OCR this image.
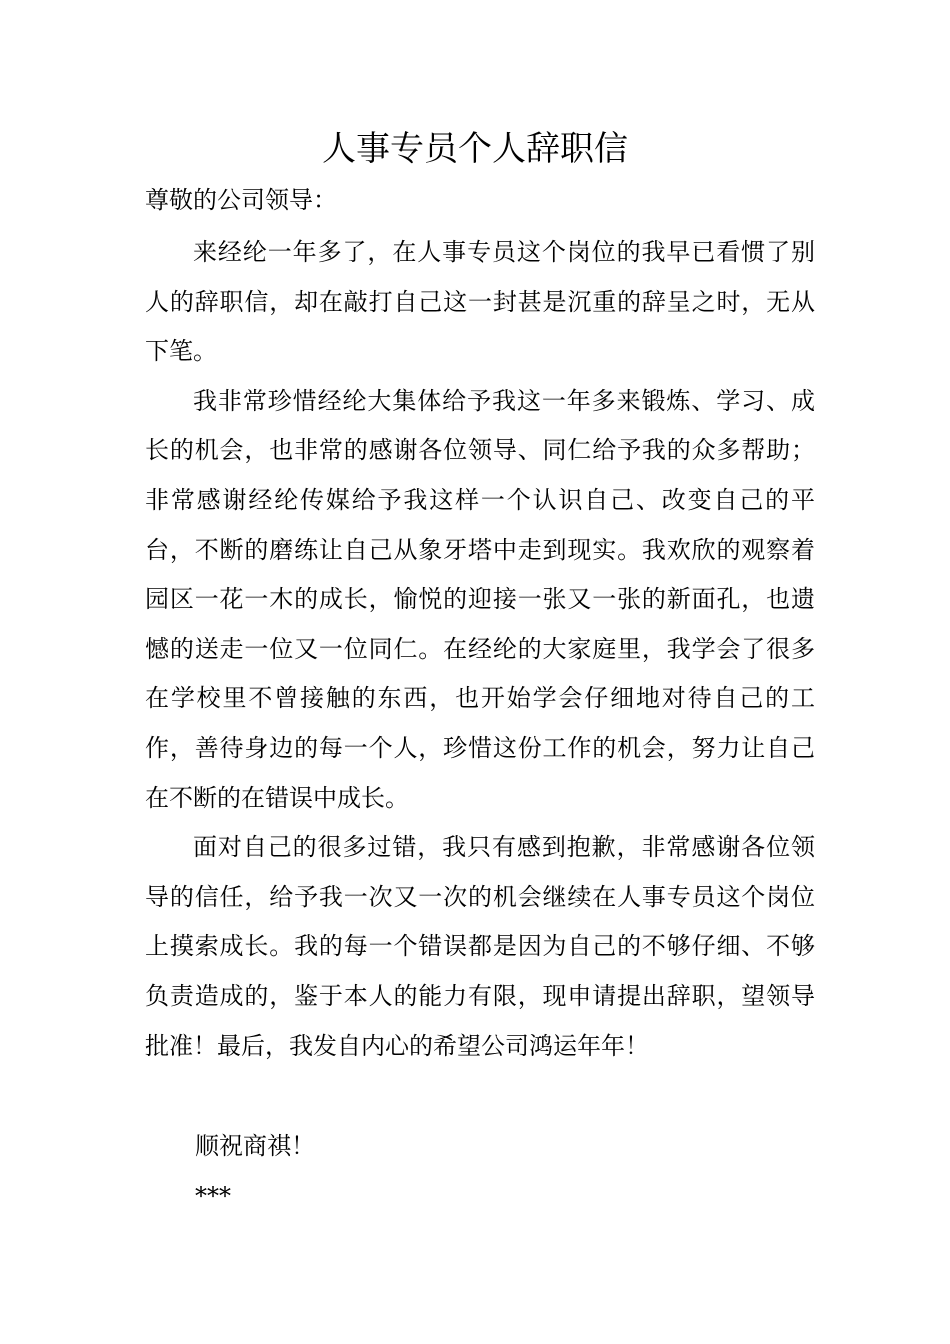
人事专员个人辞职信

尊敬的公司领导：

来经纶一年多了，在人事专员这个岗位的我早已看惯了别人的辞职信，却在敲打自己这一封甚是沉重的辞呈之时，无从下笔。

我非常珍惜经纶大集体给予我这一年多来锻炼、学习、成长的机会，也非常的感谢各位领导、同仁给予我的众多帮助；非常感谢经纶传媒给予我这样一个认识自己、改变自己的平台，不断的磨练让自己从象牙塔中走到现实。我欢欣的观察着园区一花一木的成长，愉悦的迎接一张又一张的新面孔，也遗憾的送走一位又一位同仁。在经纶的大家庭里，我学会了很多在学校里不曾接触的东西，也开始学会仔细地对待自己的工作，善待身边的每一个人，珍惜这份工作的机会，努力让自己在不断的在错误中成长。

面对自己的很多过错，我只有感到抱歉，非常感谢各位领导的信任，给予我一次又一次的机会继续在人事专员这个岗位上摸索成长。我的每一个错误都是因为自己的不够仔细、不够负责造成的，鉴于本人的能力有限，现申请提出辞职，望领导批准！最后，我发自内心的希望公司鸿运年年！

顺祝商祺！

***
